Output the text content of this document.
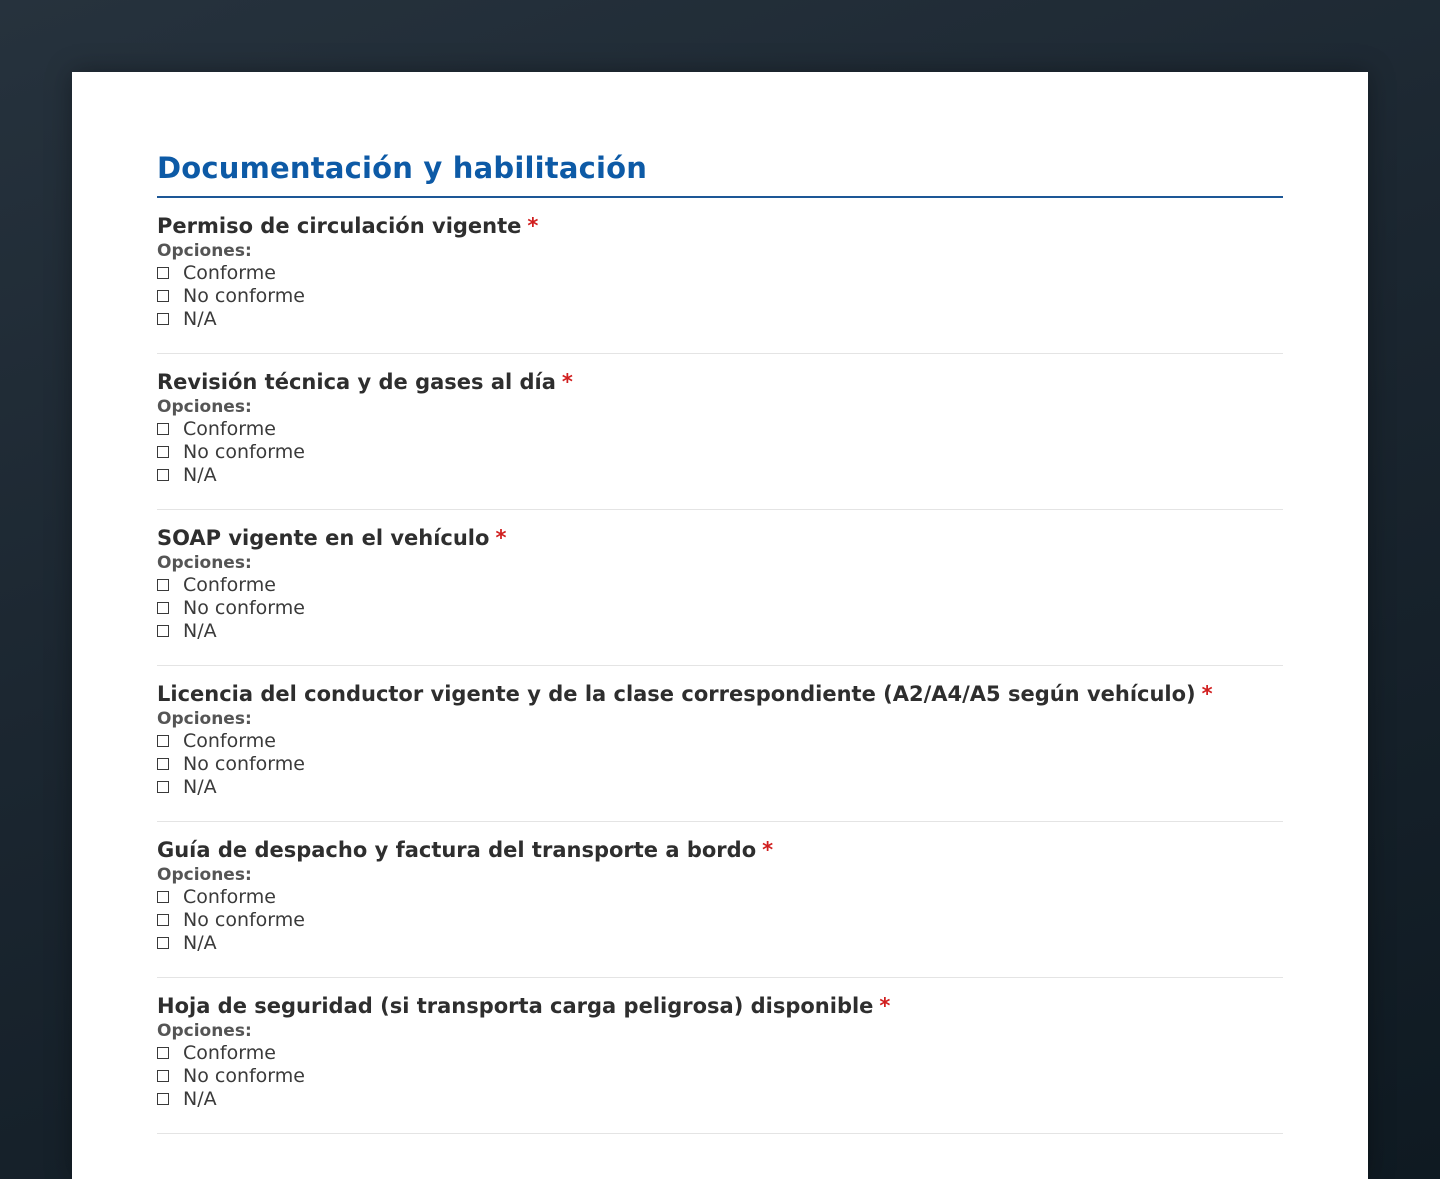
Documentación y habilitación
Permiso de circulación vigente *
Opciones:
Conforme
No conforme
N/A
Revisión técnica y de gases al día *
Opciones:
Conforme
No conforme
N/A
SOAP vigente en el vehículo *
Opciones:
Conforme
No conforme
N/A
Licencia del conductor vigente y de la clase correspondiente (A2/A4/A5 según vehículo) *
Opciones:
Conforme
No conforme
N/A
Guía de despacho y factura del transporte a bordo *
Opciones:
Conforme
No conforme
N/A
Hoja de seguridad (si transporta carga peligrosa) disponible *
Opciones:
Conforme
No conforme
N/A
